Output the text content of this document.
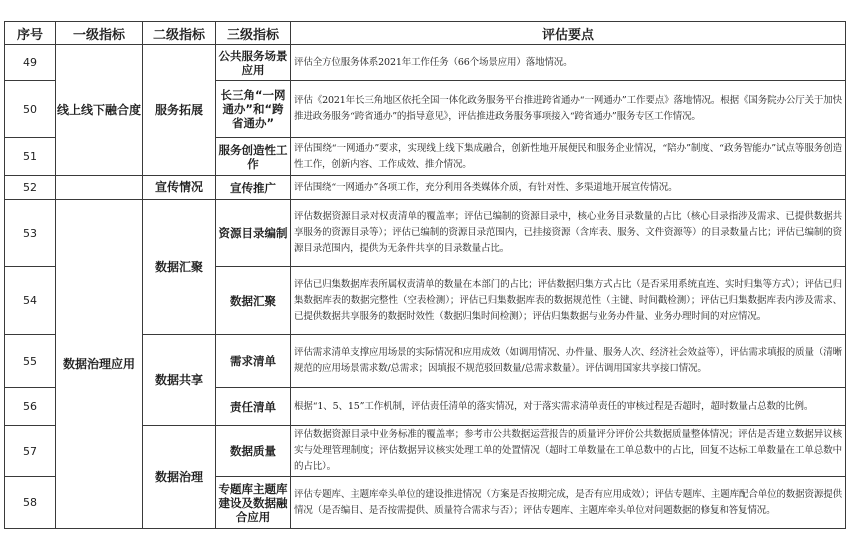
序号	一级指标	二级指标	三级指标	评估要点
49	线上线下融合度	服务拓展	公共服务场景应用	评估全方位服务体系2021年工作任务（66个场景应用）落地情况。
50			长三角“一网通办”和“跨省通办”	评估《2021年长三角地区依托全国一体化政务服务平台推进跨省通办“一网通办”工作要点》落地情况。根据《国务院办公厅关于加快推进政务服务“跨省通办”的指导意见》，评估推进政务服务事项接入“跨省通办”服务专区工作情况。
51			服务创造性工作	评估围绕“一网通办”要求，实现线上线下集成融合，创新性地开展便民和服务企业情况，“陪办”制度、“政务智能办”试点等服务创造性工作，创新内容、工作成效、推介情况。
52		宣传情况	宣传推广	评估围绕“一网通办”各项工作，充分利用各类媒体介质，有针对性、多渠道地开展宣传情况。
53	数据治理应用	数据汇聚	资源目录编制	评估数据资源目录对权责清单的覆盖率；评估已编制的资源目录中，核心业务目录数量的占比（核心目录指涉及需求、已提供数据共享服务的资源目录等）；评估已编制的资源目录范围内，已挂接资源（含库表、服务、文件资源等）的目录数量占比；评估已编制的资源目录范围内，提供为无条件共享的目录数量占比。
54			数据汇聚	评估已归集数据库表所属权责清单的数量在本部门的占比；评估数据归集方式占比（是否采用系统直连、实时归集等方式）；评估已归集数据库表的数据完整性（空表检测）；评估已归集数据库表的数据规范性（主键、时间戳检测）；评估已归集数据库表内涉及需求、已提供数据共享服务的数据时效性（数据归集时间检测）；评估归集数据与业务办件量、业务办理时间的对应情况。
55		数据共享	需求清单	评估需求清单支撑应用场景的实际情况和应用成效（如调用情况、办件量、服务人次、经济社会效益等），评估需求填报的质量（清晰规范的应用场景需求数/总需求；因填报不规范驳回数量/总需求数量）。评估调用国家共享接口情况。
56			责任清单	根据“1、5、15”工作机制，评估责任清单的落实情况，对于落实需求清单责任的审核过程是否超时，超时数量占总数的比例。
57		数据治理	数据质量	评估数据资源目录中业务标准的覆盖率；参考市公共数据运营报告的质量评分评价公共数据质量整体情况；评估是否建立数据异议核实与处理管理制度；评估数据异议核实处理工单的处置情况（超时工单数量在工单总数中的占比，回复不达标工单数量在工单总数中的占比）。
58			专题库主题库建设及数据融合应用	评估专题库、主题库牵头单位的建设推进情况（方案是否按期完成，是否有应用成效）；评估专题库、主题库配合单位的数据资源提供情况（是否编目、是否按需提供、质量符合需求与否）；评估专题库、主题库牵头单位对问题数据的修复和答复情况。
